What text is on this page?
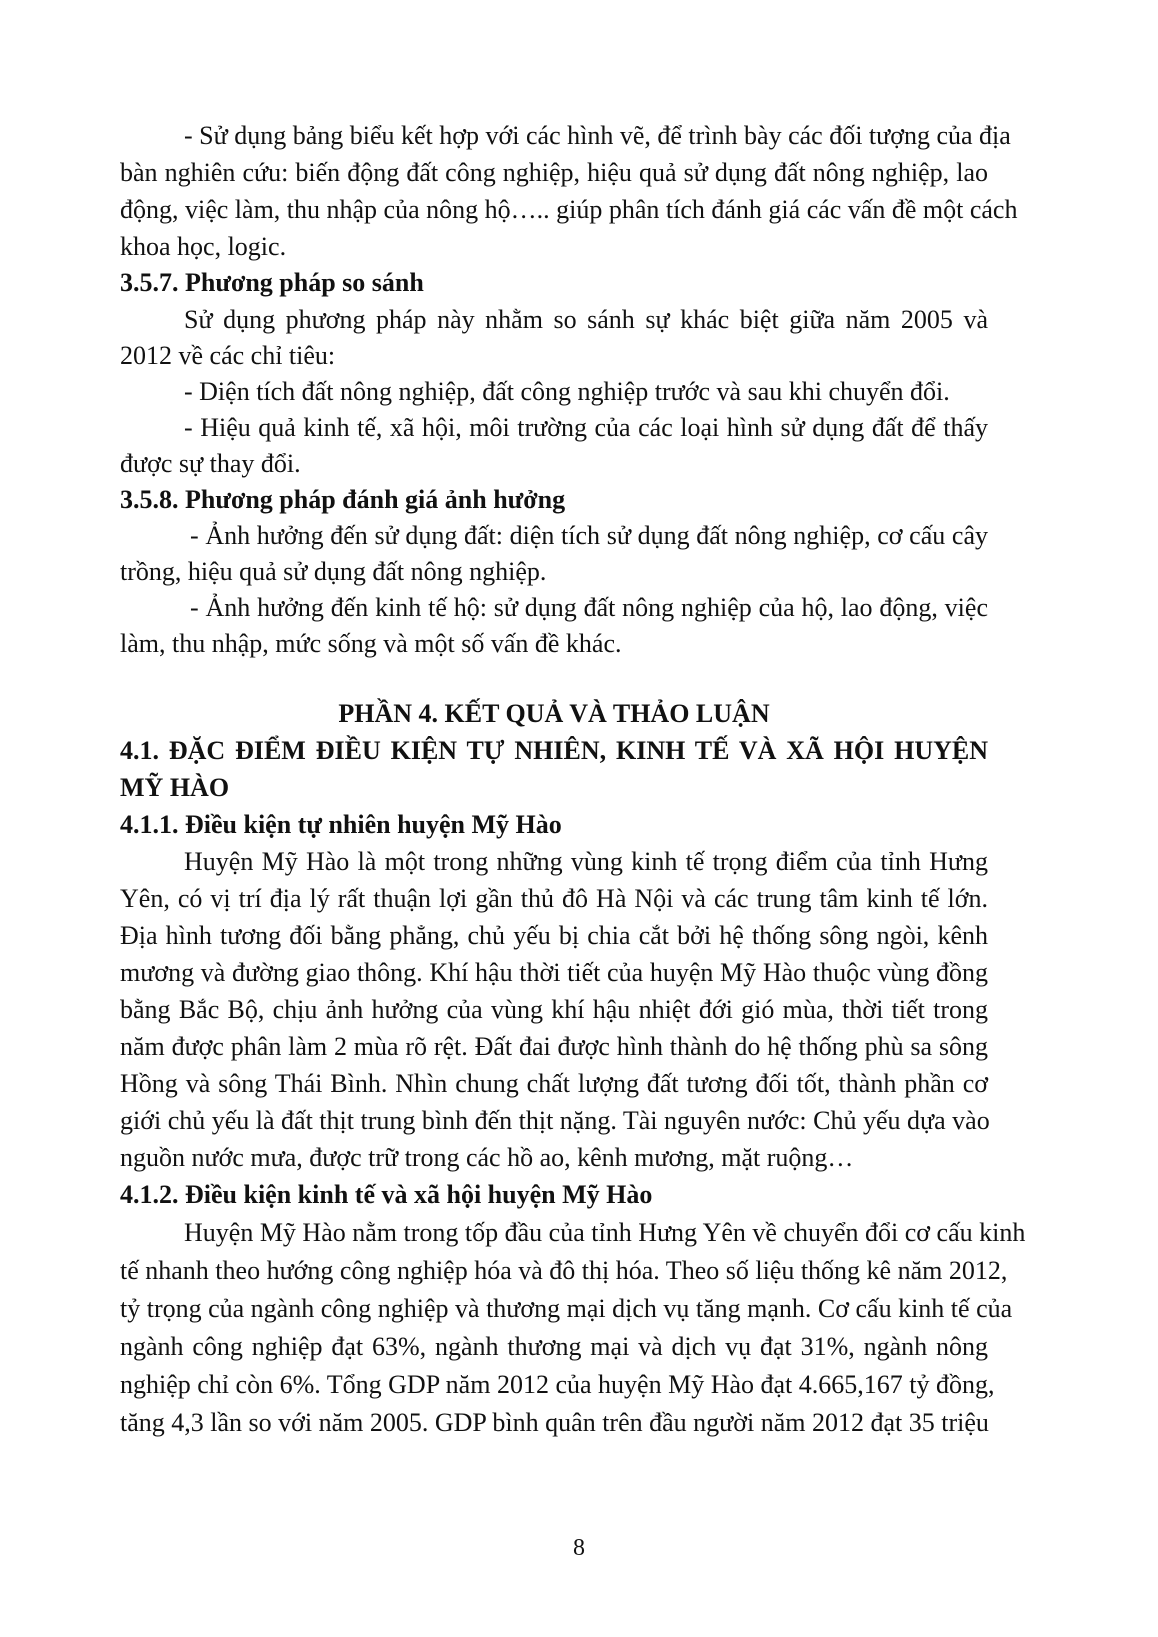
- Sử dụng bảng biểu kết hợp với các hình vẽ, để trình bày các đối tượng của địa
bàn nghiên cứu: biến động đất công nghiệp, hiệu quả sử dụng đất nông nghiệp, lao
động, việc làm, thu nhập của nông hộ….. giúp phân tích đánh giá các vấn đề một cách
khoa học, logic.
3.5.7. Phương pháp so sánh
Sử dụng phương pháp này nhằm so sánh sự khác biệt giữa năm 2005 và
2012 về các chỉ tiêu:
- Diện tích đất nông nghiệp, đất công nghiệp trước và sau khi chuyển đổi.
- Hiệu quả kinh tế, xã hội, môi trường của các loại hình sử dụng đất để thấy
được sự thay đổi.
3.5.8. Phương pháp đánh giá ảnh hưởng
- Ảnh hưởng đến sử dụng đất: diện tích sử dụng đất nông nghiệp, cơ cấu cây
trồng, hiệu quả sử dụng đất nông nghiệp.
- Ảnh hưởng đến kinh tế hộ: sử dụng đất nông nghiệp của hộ, lao động, việc
làm, thu nhập, mức sống và một số vấn đề khác.
PHẦN 4. KẾT QUẢ VÀ THẢO LUẬN
4.1. ĐẶC ĐIỂM ĐIỀU KIỆN TỰ NHIÊN, KINH TẾ VÀ XÃ HỘI HUYỆN
MỸ HÀO
4.1.1. Điều kiện tự nhiên huyện Mỹ Hào
Huyện Mỹ Hào là một trong những vùng kinh tế trọng điểm của tỉnh Hưng
Yên, có vị trí địa lý rất thuận lợi gần thủ đô Hà Nội và các trung tâm kinh tế lớn.
Địa hình tương đối bằng phẳng, chủ yếu bị chia cắt bởi hệ thống sông ngòi, kênh
mương và đường giao thông. Khí hậu thời tiết của huyện Mỹ Hào thuộc vùng đồng
bằng Bắc Bộ, chịu ảnh hưởng của vùng khí hậu nhiệt đới gió mùa, thời tiết trong
năm được phân làm 2 mùa rõ rệt. Đất đai được hình thành do hệ thống phù sa sông
Hồng và sông Thái Bình. Nhìn chung chất lượng đất tương đối tốt, thành phần cơ
giới chủ yếu là đất thịt trung bình đến thịt nặng. Tài nguyên nước: Chủ yếu dựa vào
nguồn nước mưa, được trữ trong các hồ ao, kênh mương, mặt ruộng…
4.1.2. Điều kiện kinh tế và xã hội huyện Mỹ Hào
Huyện Mỹ Hào nằm trong tốp đầu của tỉnh Hưng Yên về chuyển đổi cơ cấu kinh
tế nhanh theo hướng công nghiệp hóa và đô thị hóa. Theo số liệu thống kê năm 2012,
tỷ trọng của ngành công nghiệp và thương mại dịch vụ tăng mạnh. Cơ cấu kinh tế của
ngành công nghiệp đạt 63%, ngành thương mại và dịch vụ đạt 31%, ngành nông
nghiệp chỉ còn 6%. Tổng GDP năm 2012 của huyện Mỹ Hào đạt 4.665,167 tỷ đồng,
tăng 4,3 lần so với năm 2005. GDP bình quân trên đầu người năm 2012 đạt 35 triệu
8
